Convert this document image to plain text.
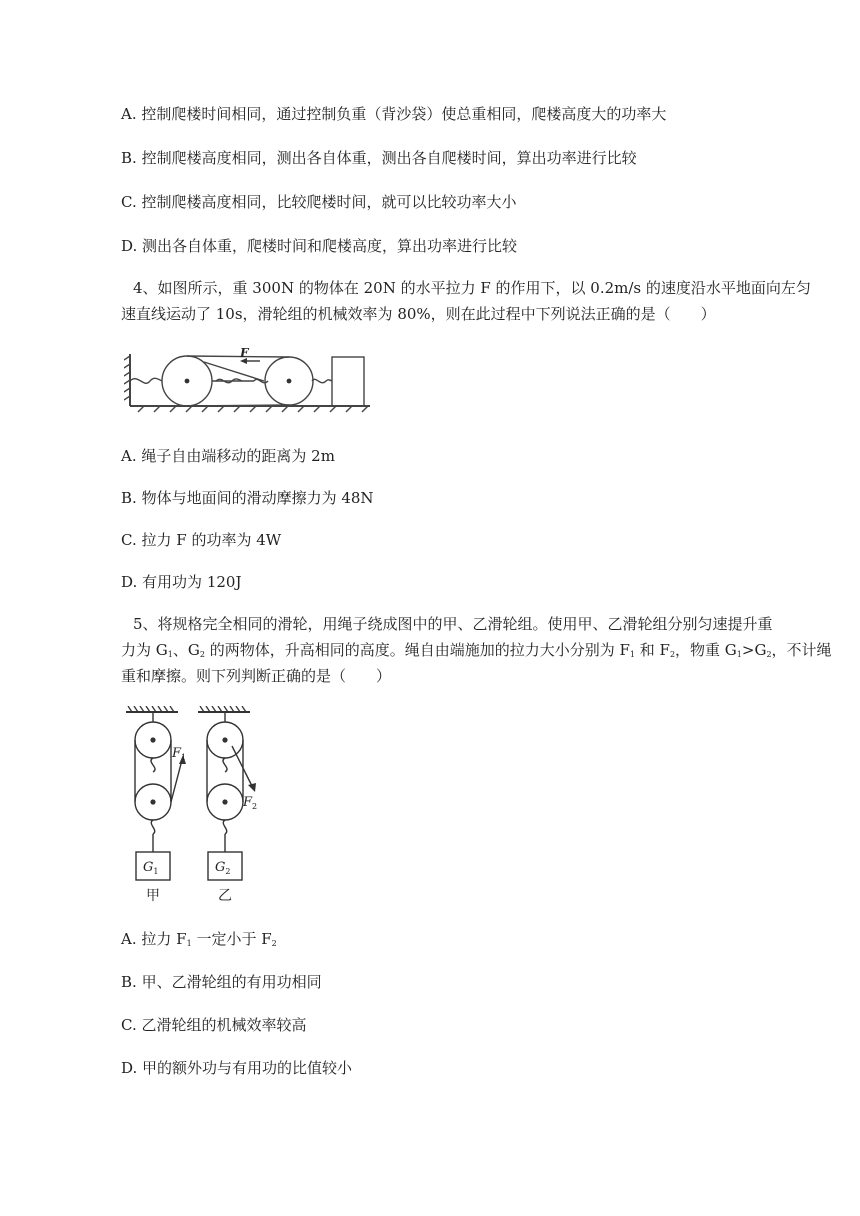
A. 控制爬楼时间相同，通过控制负重（背沙袋）使总重相同，爬楼高度大的功率大
B. 控制爬楼高度相同，测出各自体重，测出各自爬楼时间，算出功率进行比较
C. 控制爬楼高度相同，比较爬楼时间，就可以比较功率大小
D. 测出各自体重，爬楼时间和爬楼高度，算出功率进行比较
4、如图所示，重 300N 的物体在 20N 的水平拉力 F 的作用下，以 0.2m/s 的速度沿水平地面向左匀
速直线运动了 10s，滑轮组的机械效率为 80%，则在此过程中下列说法正确的是（　　）
F
A. 绳子自由端移动的距离为 2m
B. 物体与地面间的滑动摩擦力为 48N
C. 拉力 F 的功率为 4W
D. 有用功为 120J
5、将规格完全相同的滑轮，用绳子绕成图中的甲、乙滑轮组。使用甲、乙滑轮组分别匀速提升重
力为 $G_1$、$G_2$ 的两物体，升高相同的高度。绳自由端施加的拉力大小分别为 $F_1$ 和 $F_2$，物重 $G_1>G_2$，不计绳
重和摩擦。则下列判断正确的是（　　）
$F_1$
$G_1$
甲
$F_2$
$G_2$
乙
A. 拉力 $F_1$ 一定小于 $F_2$
B. 甲、乙滑轮组的有用功相同
C. 乙滑轮组的机械效率较高
D. 甲的额外功与有用功的比值较小
